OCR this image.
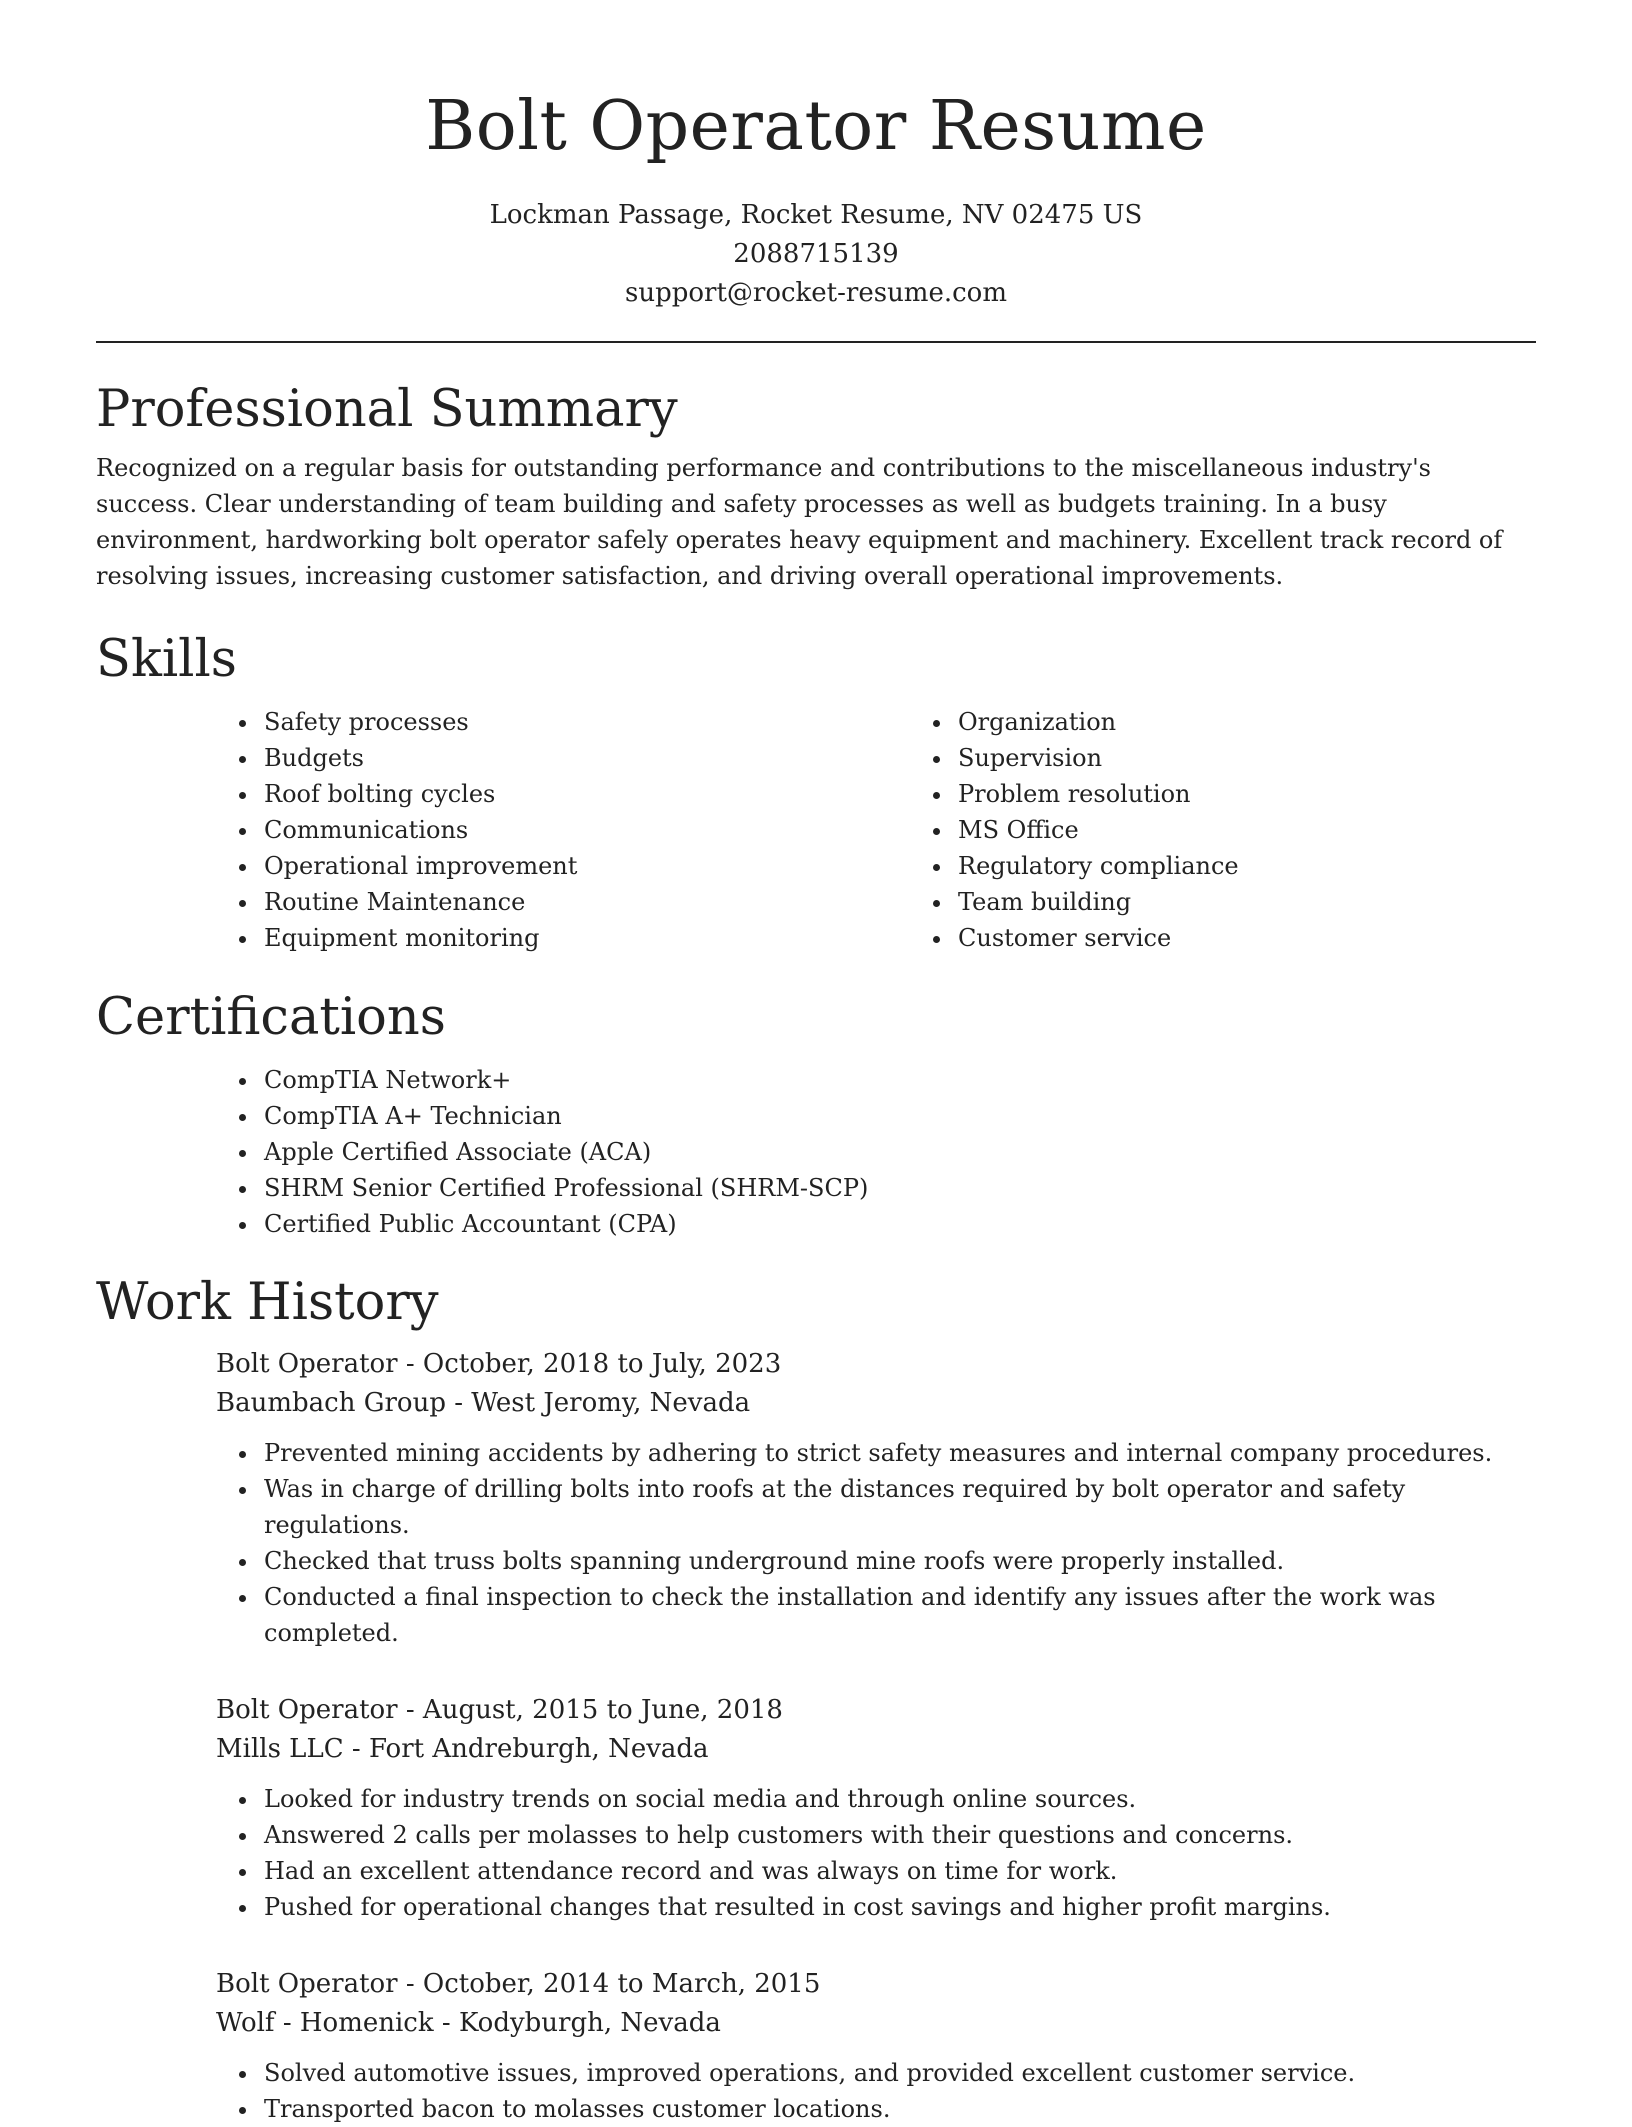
Bolt Operator Resume
Lockman Passage, Rocket Resume, NV 02475 US
2088715139
support@rocket-resume.com
Professional Summary

Recognized on a regular basis for outstanding performance and contributions to the miscellaneous industry's success. Clear understanding of team building and safety processes as well as budgets training. In a busy environment, hardworking bolt operator safely operates heavy equipment and machinery. Excellent track record of resolving issues, increasing customer satisfaction, and driving overall operational improvements.

Skills
• Safety processes
• Budgets
• Roof bolting cycles
• Communications
• Operational improvement
• Routine Maintenance
• Equipment monitoring
• Organization
• Supervision
• Problem resolution
• MS Office
• Regulatory compliance
• Team building
• Customer service
Certifications
• CompTIA Network+
• CompTIA A+ Technician
• Apple Certified Associate (ACA)
• SHRM Senior Certified Professional (SHRM-SCP)
• Certified Public Accountant (CPA)
Work History
Bolt Operator - October, 2018 to July, 2023
Baumbach Group - West Jeromy, Nevada
• Prevented mining accidents by adhering to strict safety measures and internal company procedures.
• Was in charge of drilling bolts into roofs at the distances required by bolt operator and safety regulations.
• Checked that truss bolts spanning underground mine roofs were properly installed.
• Conducted a final inspection to check the installation and identify any issues after the work was completed.
Bolt Operator - August, 2015 to June, 2018
Mills LLC - Fort Andreburgh, Nevada
• Looked for industry trends on social media and through online sources.
• Answered 2 calls per molasses to help customers with their questions and concerns.
• Had an excellent attendance record and was always on time for work.
• Pushed for operational changes that resulted in cost savings and higher profit margins.
Bolt Operator - October, 2014 to March, 2015
Wolf - Homenick - Kodyburgh, Nevada
• Solved automotive issues, improved operations, and provided excellent customer service.
• Transported bacon to molasses customer locations.
